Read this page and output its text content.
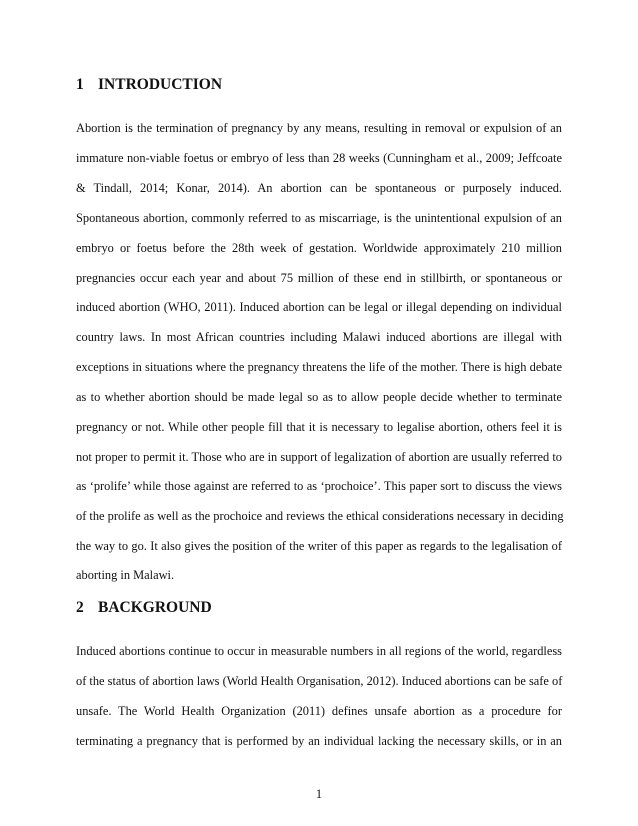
1 INTRODUCTION
Abortion is the termination of pregnancy by any means, resulting in removal or expulsion of an
immature non-viable foetus or embryo of less than 28 weeks (Cunningham et al., 2009; Jeffcoate
& Tindall, 2014; Konar, 2014). An abortion can be spontaneous or purposely induced.
Spontaneous abortion, commonly referred to as miscarriage, is the unintentional expulsion of an
embryo or foetus before the 28th week of gestation. Worldwide approximately 210 million
pregnancies occur each year and about 75 million of these end in stillbirth, or spontaneous or
induced abortion (WHO, 2011). Induced abortion can be legal or illegal depending on individual
country laws. In most African countries including Malawi induced abortions are illegal with
exceptions in situations where the pregnancy threatens the life of the mother. There is high debate
as to whether abortion should be made legal so as to allow people decide whether to terminate
pregnancy or not. While other people fill that it is necessary to legalise abortion, others feel it is
not proper to permit it. Those who are in support of legalization of abortion are usually referred to
as ‘prolife’ while those against are referred to as ‘prochoice’. This paper sort to discuss the views
of the prolife as well as the prochoice and reviews the ethical considerations necessary in deciding
the way to go. It also gives the position of the writer of this paper as regards to the legalisation of
aborting in Malawi.
2 BACKGROUND
Induced abortions continue to occur in measurable numbers in all regions of the world, regardless
of the status of abortion laws (World Health Organisation, 2012). Induced abortions can be safe of
unsafe. The World Health Organization (2011) defines unsafe abortion as a procedure for
terminating a pregnancy that is performed by an individual lacking the necessary skills, or in an
1
